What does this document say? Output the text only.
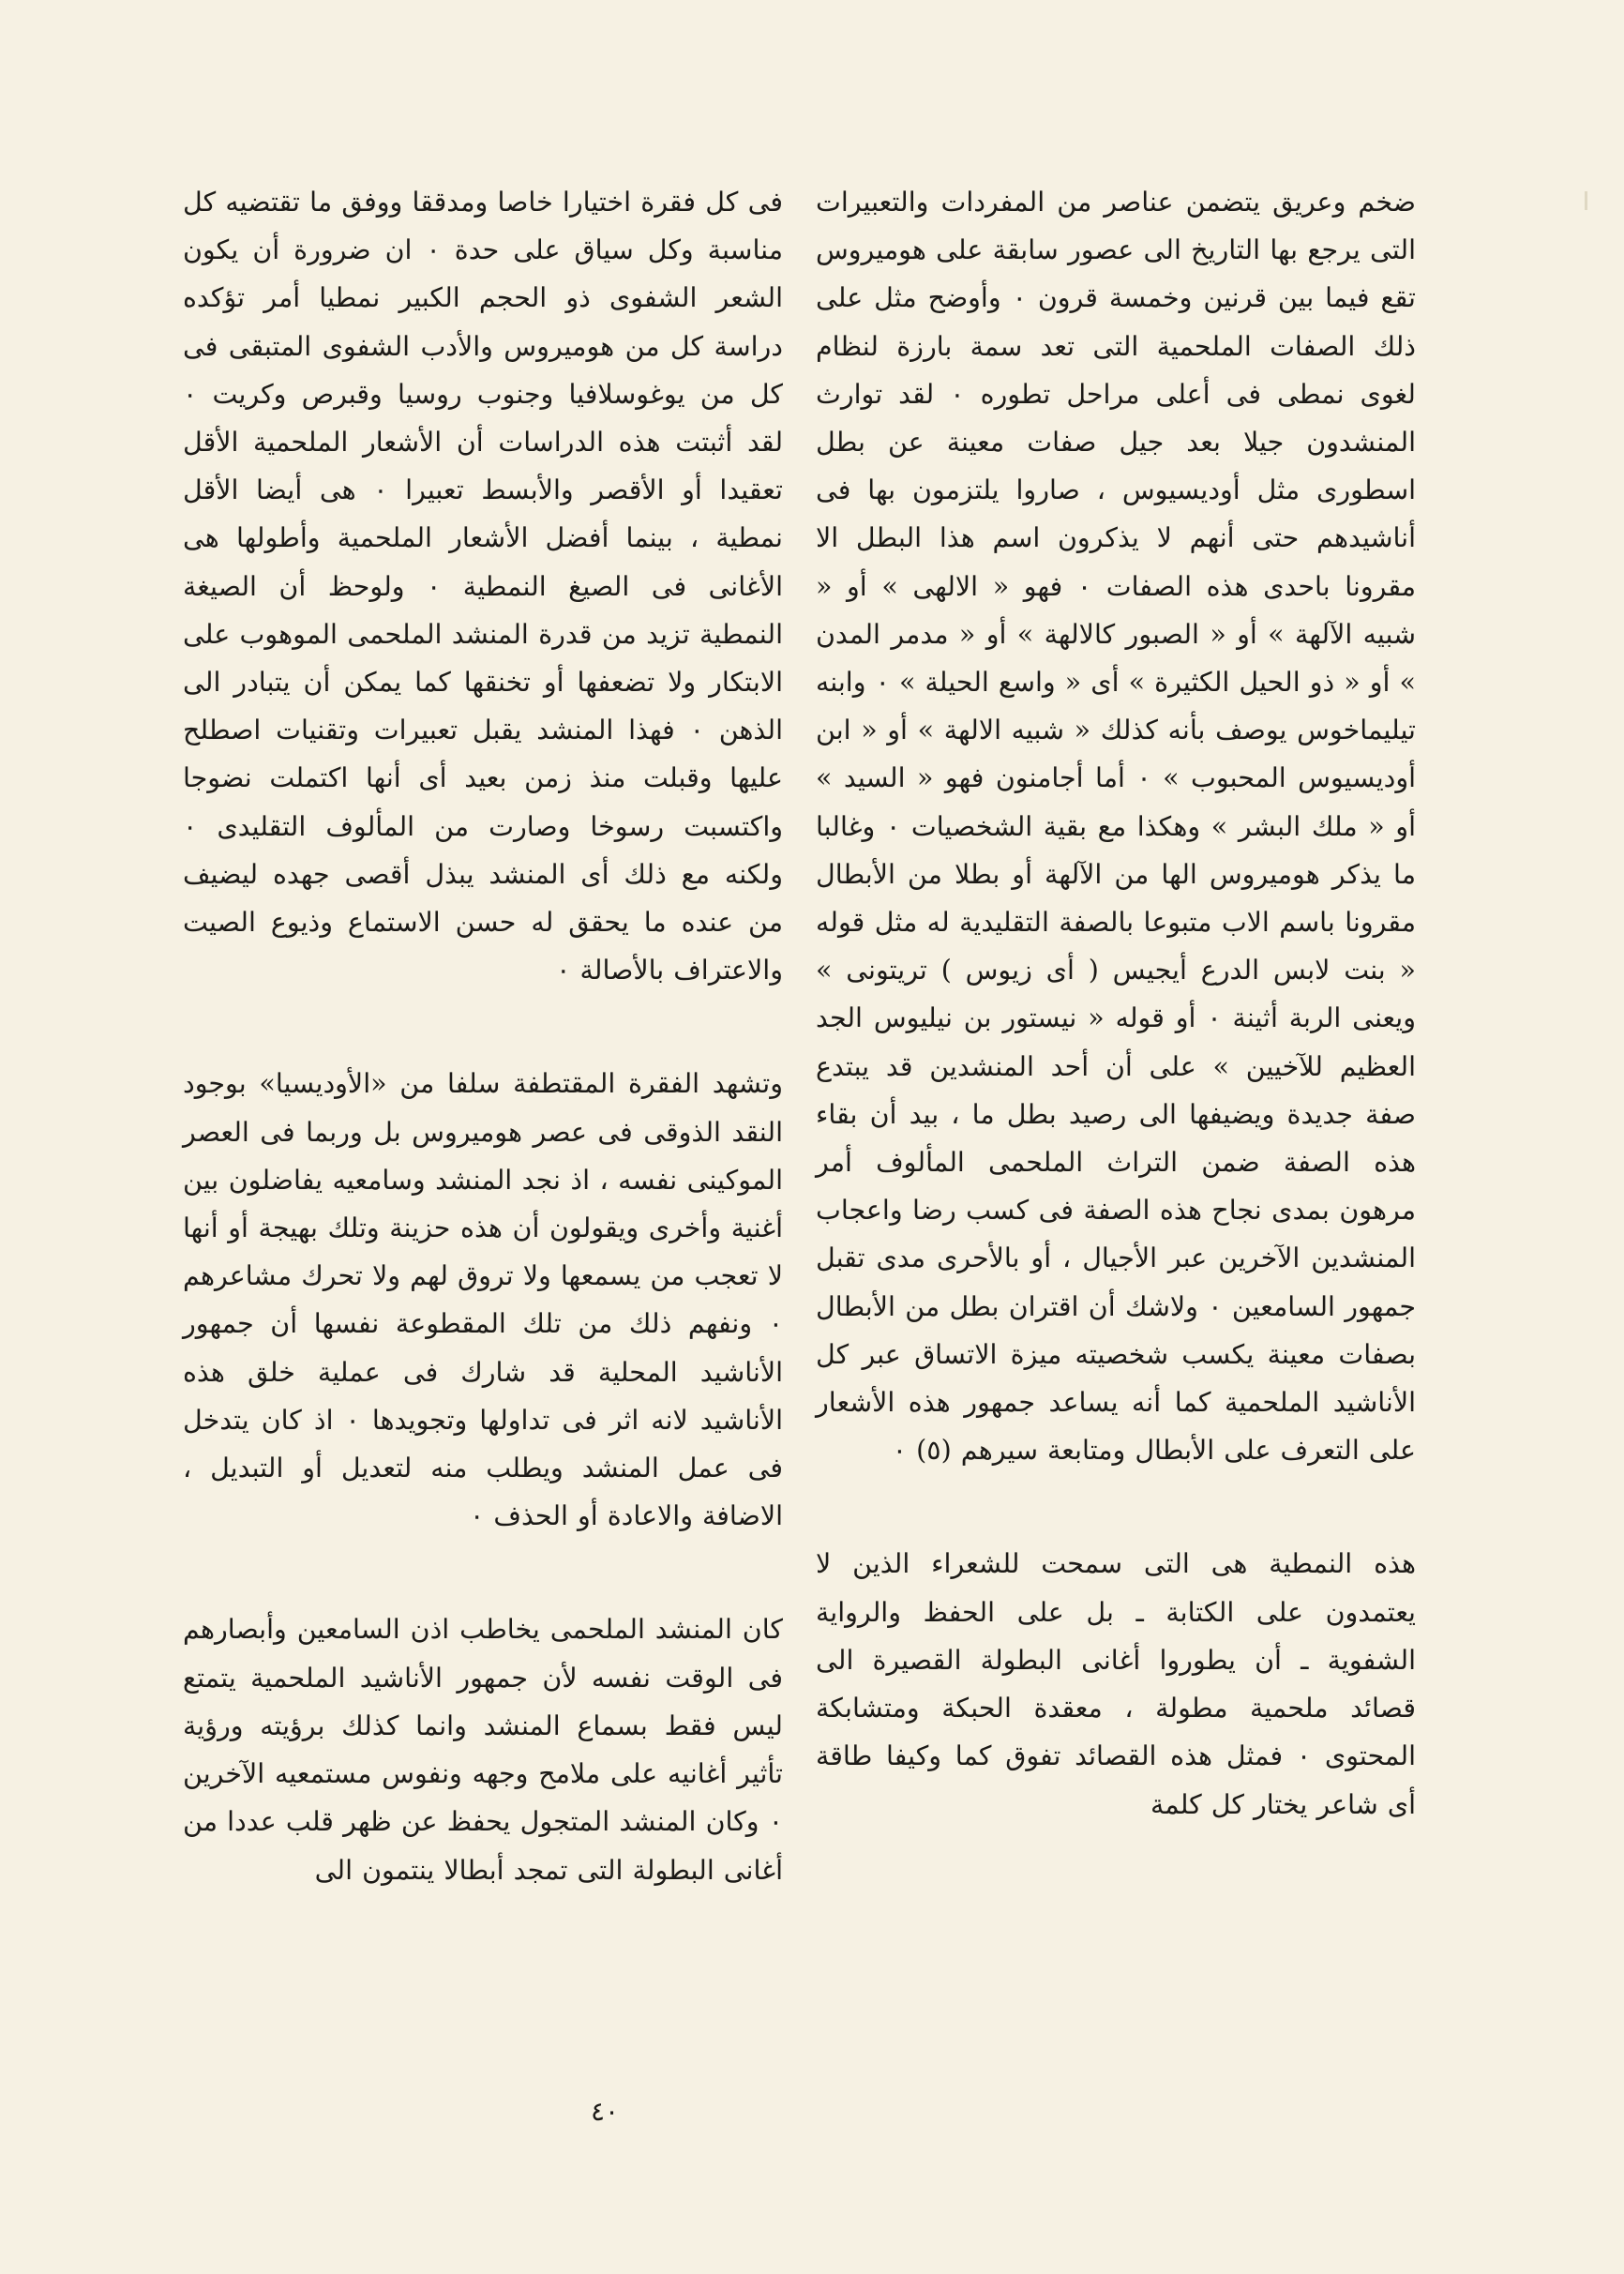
ضخم وعريق يتضمن عناصر من المفردات والتعبيرات التى يرجع بها التاريخ الى عصور سابقة على هوميروس تقع فيما بين قرنين وخمسة قرون ٠ وأوضح مثل على ذلك الصفات الملحمية التى تعد سمة بارزة لنظام لغوى نمطى فى أعلى مراحل تطوره ٠ لقد توارث المنشدون جيلا بعد جيل صفات معينة عن بطل اسطورى مثل أوديسيوس ، صاروا يلتزمون بها فى أناشيدهم حتى أنهم لا يذكرون اسم هذا البطل الا مقرونا باحدى هذه الصفات ٠ فهو « الالهى » أو « شبيه الآلهة » أو « الصبور كالالهة » أو « مدمر المدن » أو « ذو الحيل الكثيرة » أى « واسع الحيلة » ٠ وابنه تيليماخوس يوصف بأنه كذلك « شبيه الالهة » أو « ابن أوديسيوس المحبوب » ٠ أما أجامنون فهو « السيد » أو « ملك البشر » وهكذا مع بقية الشخصيات ٠ وغالبا ما يذكر هوميروس الها من الآلهة أو بطلا من الأبطال مقرونا باسم الاب متبوعا بالصفة التقليدية له مثل قوله « بنت لابس الدرع أيجيس ( أى زيوس ) تريتونى » ويعنى الربة أثينة ٠ أو قوله « نيستور بن نيليوس الجد العظيم للآخيين » على أن أحد المنشدين قد يبتدع صفة جديدة ويضيفها الى رصيد بطل ما ، بيد أن بقاء هذه الصفة ضمن التراث الملحمى المألوف أمر مرهون بمدى نجاح هذه الصفة فى كسب رضا واعجاب المنشدين الآخرين عبر الأجيال ، أو بالأحرى مدى تقبل جمهور السامعين ٠ ولاشك أن اقتران بطل من الأبطال بصفات معينة يكسب شخصيته ميزة الاتساق عبر كل الأناشيد الملحمية كما أنه يساعد جمهور هذه الأشعار على التعرف على الأبطال ومتابعة سيرهم (٥) ٠

هذه النمطية هى التى سمحت للشعراء الذين لا يعتمدون على الكتابة ـ بل على الحفظ والرواية الشفوية ـ أن يطوروا أغانى البطولة القصيرة الى قصائد ملحمية مطولة ، معقدة الحبكة ومتشابكة المحتوى ٠ فمثل هذه القصائد تفوق كما وكيفا طاقة أى شاعر يختار كل كلمة

فى كل فقرة اختيارا خاصا ومدققا ووفق ما تقتضيه كل مناسبة وكل سياق على حدة ٠ ان ضرورة أن يكون الشعر الشفوى ذو الحجم الكبير نمطيا أمر تؤكده دراسة كل من هوميروس والأدب الشفوى المتبقى فى كل من يوغوسلافيا وجنوب روسيا وقبرص وكريت ٠ لقد أثبتت هذه الدراسات أن الأشعار الملحمية الأقل تعقيدا أو الأقصر والأبسط تعبيرا ٠ هى أيضا الأقل نمطية ، بينما أفضل الأشعار الملحمية وأطولها هى الأغانى فى الصيغ النمطية ٠ ولوحظ أن الصيغة النمطية تزيد من قدرة المنشد الملحمى الموهوب على الابتكار ولا تضعفها أو تخنقها كما يمكن أن يتبادر الى الذهن ٠ فهذا المنشد يقبل تعبيرات وتقنيات اصطلح عليها وقبلت منذ زمن بعيد أى أنها اكتملت نضوجا واكتسبت رسوخا وصارت من المألوف التقليدى ٠ ولكنه مع ذلك أى المنشد يبذل أقصى جهده ليضيف من عنده ما يحقق له حسن الاستماع وذيوع الصيت والاعتراف بالأصالة ٠

وتشهد الفقرة المقتطفة سلفا من «الأوديسيا» بوجود النقد الذوقى فى عصر هوميروس بل وربما فى العصر الموكينى نفسه ، اذ نجد المنشد وسامعيه يفاضلون بين أغنية وأخرى ويقولون أن هذه حزينة وتلك بهيجة أو أنها لا تعجب من يسمعها ولا تروق لهم ولا تحرك مشاعرهم ٠ ونفهم ذلك من تلك المقطوعة نفسها أن جمهور الأناشيد المحلية قد شارك فى عملية خلق هذه الأناشيد لانه اثر فى تداولها وتجويدها ٠ اذ كان يتدخل فى عمل المنشد ويطلب منه لتعديل أو التبديل ، الاضافة والاعادة أو الحذف ٠

كان المنشد الملحمى يخاطب اذن السامعين وأبصارهم فى الوقت نفسه لأن جمهور الأناشيد الملحمية يتمتع ليس فقط بسماع المنشد وانما كذلك برؤيته ورؤية تأثير أغانيه على ملامح وجهه ونفوس مستمعيه الآخرين ٠ وكان المنشد المتجول يحفظ عن ظهر قلب عددا من أغانى البطولة التى تمجد أبطالا ينتمون الى

٤٠
